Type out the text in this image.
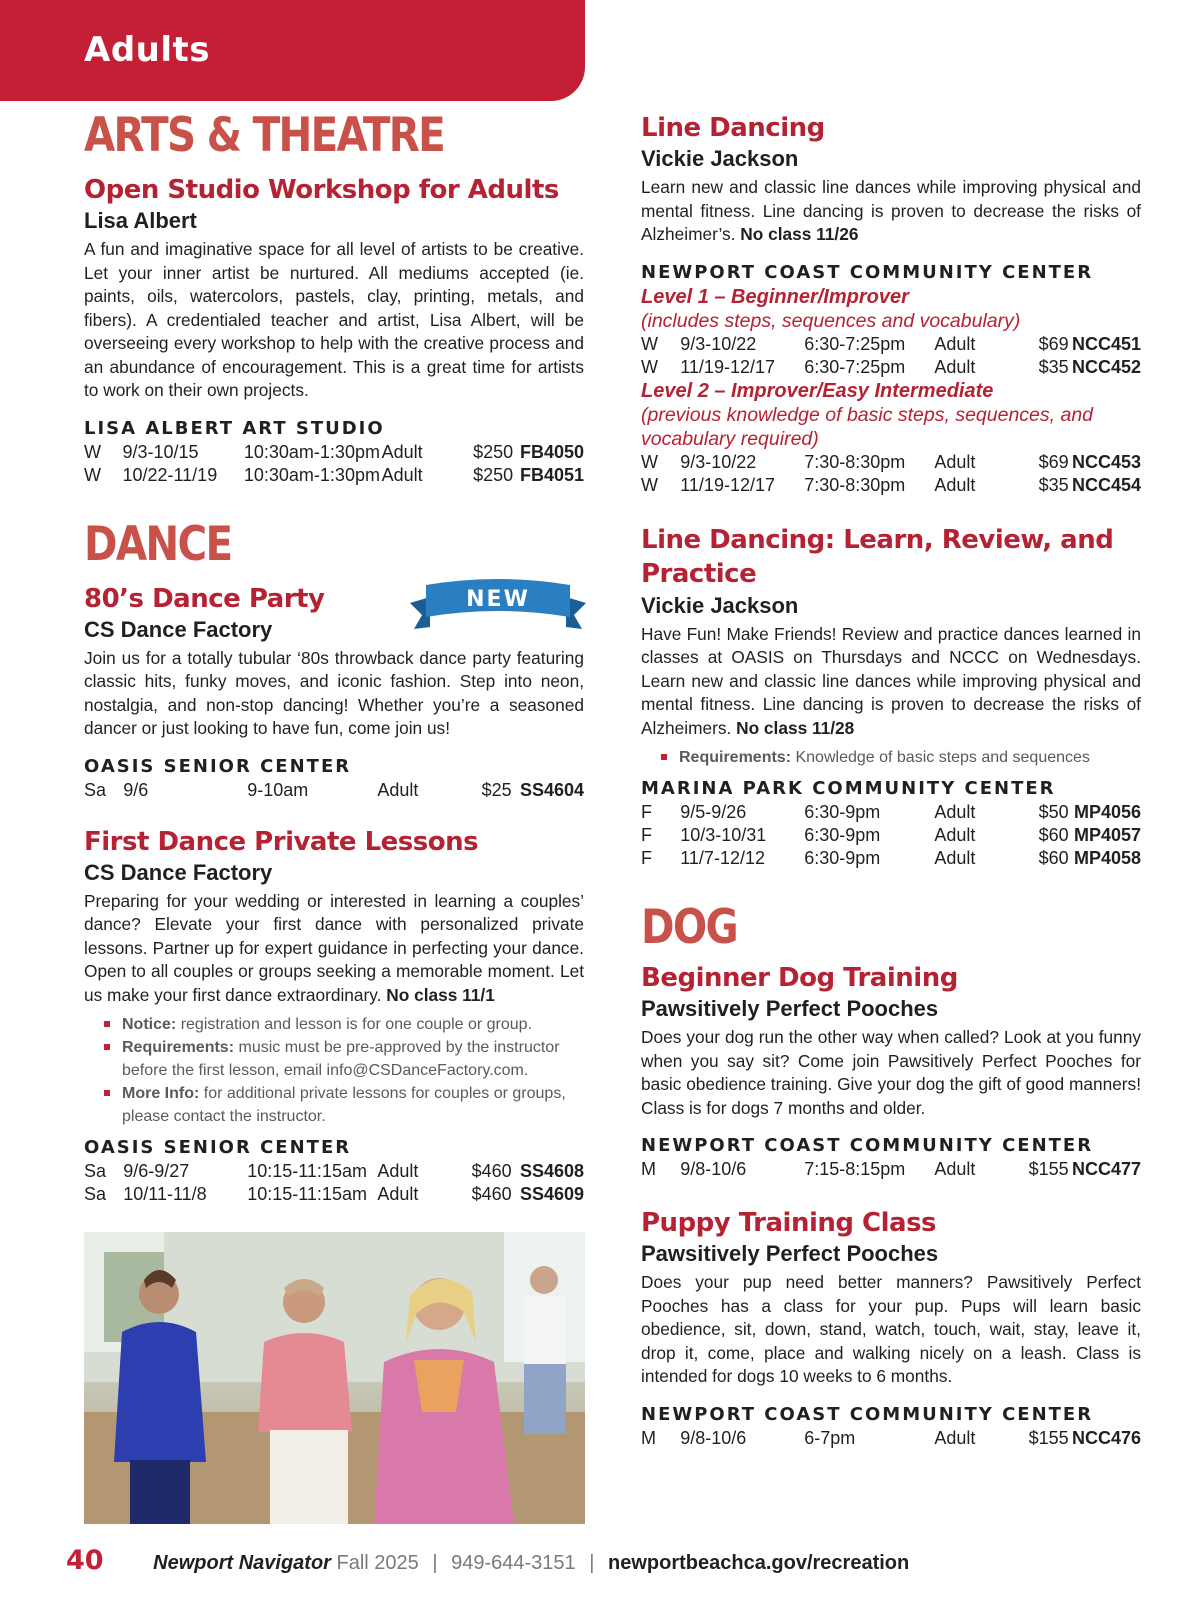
Adults
ARTS & THEATRE
Open Studio Workshop for Adults

Lisa Albert

A fun and imaginative space for all level of artists to be creative. Let your inner artist be nurtured. All mediums accepted (ie. paints, oils, watercolors, pastels, clay, printing, metals, and fibers). A credentialed teacher and artist, Lisa Albert, will be overseeing every workshop to help with the creative process and an abundance of encouragement. This is a great time for artists to work on their own projects.

LISA ALBERT ART STUDIO

W	9/3-10/15	10:30am-1:30pm	Adult	$250	FB4050
W	10/22-11/19	10:30am-1:30pm	Adult	$250	FB4051
DANCE
80’s Dance Party

CS Dance Factory

Join us for a totally tubular ‘80s throwback dance party featuring classic hits, funky moves, and iconic fashion. Step into neon, nostalgia, and non-stop dancing! Whether you’re a seasoned dancer or just looking to have fun, come join us!

OASIS SENIOR CENTER

Sa	9/6	9-10am	Adult	$25	SS4604
First Dance Private Lessons

CS Dance Factory

Preparing for your wedding or interested in learning a couples’ dance? Elevate your first dance with personalized private lessons. Partner up for expert guidance in perfecting your dance. Open to all couples or groups seeking a memorable moment. Let us make your first dance extraordinary. No class 11/1

Notice: registration and lesson is for one couple or group.
Requirements: music must be pre-approved by the instructor before the first lesson, email info@CSDanceFactory.com.
More Info: for additional private lessons for couples or groups, please contact the instructor.

OASIS SENIOR CENTER

Sa	9/6-9/27	10:15-11:15am	Adult	$460	SS4608
Sa	10/11-11/8	10:15-11:15am	Adult	$460	SS4609
NEW
Line Dancing

Vickie Jackson

Learn new and classic line dances while improving physical and mental fitness. Line dancing is proven to decrease the risks of Alzheimer’s. No class 11/26

NEWPORT COAST COMMUNITY CENTER

Level 1 – Beginner/Improver

(includes steps, sequences and vocabulary)

W	9/3-10/22	6:30-7:25pm	Adult	$69	NCC451
W	11/19-12/17	6:30-7:25pm	Adult	$35	NCC452

Level 2 – Improver/Easy Intermediate

(previous knowledge of basic steps, sequences, and vocabulary required)

W	9/3-10/22	7:30-8:30pm	Adult	$69	NCC453
W	11/19-12/17	7:30-8:30pm	Adult	$35	NCC454
Line Dancing: Learn, Review, and Practice

Vickie Jackson

Have Fun! Make Friends! Review and practice dances learned in classes at OASIS on Thursdays and NCCC on Wednesdays. Learn new and classic line dances while improving physical and mental fitness. Line dancing is proven to decrease the risks of Alzheimers. No class 11/28

Requirements: Knowledge of basic steps and sequences

MARINA PARK COMMUNITY CENTER

F	9/5-9/26	6:30-9pm	Adult	$50	MP4056
F	10/3-10/31	6:30-9pm	Adult	$60	MP4057
F	11/7-12/12	6:30-9pm	Adult	$60	MP4058
DOG
Beginner Dog Training

Pawsitively Perfect Pooches

Does your dog run the other way when called? Look at you funny when you say sit? Come join Pawsitively Perfect Pooches for basic obedience training. Give your dog the gift of good manners! Class is for dogs 7 months and older.

NEWPORT COAST COMMUNITY CENTER

M	9/8-10/6	7:15-8:15pm	Adult	$155	NCC477
Puppy Training Class

Pawsitively Perfect Pooches

Does your pup need better manners? Pawsitively Perfect Pooches has a class for your pup. Pups will learn basic obedience, sit, down, stand, watch, touch, wait, stay, leave it, drop it, come, place and walking nicely on a leash. Class is intended for dogs 10 weeks to 6 months.

NEWPORT COAST COMMUNITY CENTER

M	9/8-10/6	6-7pm	Adult	$155	NCC476
40 Newport Navigator Fall 2025 | 949-644-3151 | newportbeachca.gov/recreation
